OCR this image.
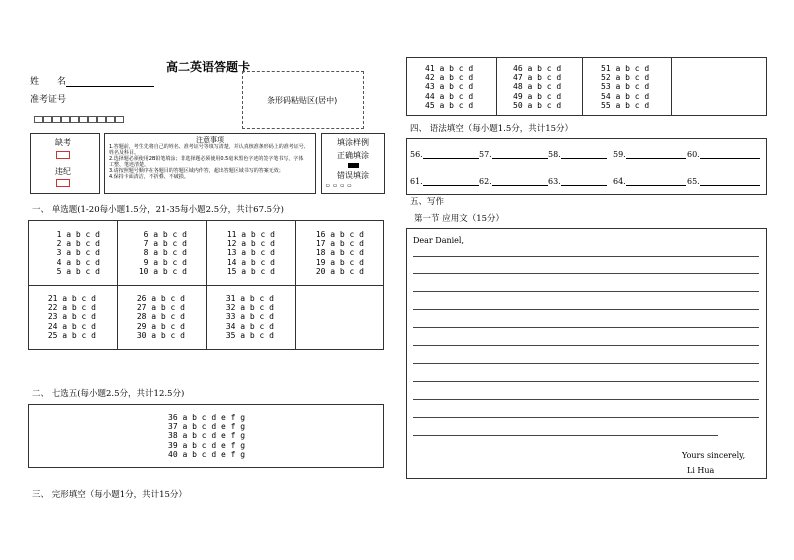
高二英语答题卡
姓　　名
准考证号	条形码粘贴区(居中)
缺考
违纪
注意事项

1.答题前，考生先将自己的姓名、准考证号等填写清楚，并认真核准条形码上的准考证号、

姓名及科目。

2.选择题必须使用2B铅笔填涂；非选择题必须使用0.5毫米黑色字迹的签字笔书写，字体

工整、笔迹清楚。

3.请按照题号顺序在各题目的答题区域内作答，超出答题区域书写的答案无效；

4.保持卡面清洁，不折叠、不破损。

填涂样例
正确填涂
错误填涂
▭ ▭ ▭ ▭
一、 单选题(1-20每小题1.5分，21-35每小题2.5分，共计67.5分)
1 a b c d
2 a b c d
3 a b c d
4 a b c d
5 a b c d
6 a b c d
7 a b c d
8 a b c d
9 a b c d
10 a b c d
11 a b c d
12 a b c d
13 a b c d
14 a b c d
15 a b c d
16 a b c d
17 a b c d
18 a b c d
19 a b c d
20 a b c d
21 a b c d
22 a b c d
23 a b c d
24 a b c d
25 a b c d
26 a b c d
27 a b c d
28 a b c d
29 a b c d
30 a b c d
31 a b c d
32 a b c d
33 a b c d
34 a b c d
35 a b c d
二、 七选五(每小题2.5分，共计12.5分)
36 a b c d e f g
37 a b c d e f g
38 a b c d e f g
39 a b c d e f g
40 a b c d e f g
三、 完形填空（每小题1分，共计15分）
41 a b c d
42 a b c d
43 a b c d
44 a b c d
45 a b c d
46 a b c d
47 a b c d
48 a b c d
49 a b c d
50 a b c d
51 a b c d
52 a b c d
53 a b c d
54 a b c d
55 a b c d
四、 语法填空（每小题1.5分，共计15分）
56.	57.	58.	59.	60.
61.	62.	63.	64.	65.
五、写作
第一节 应用文（15分）
Dear Daniel,
Yours sincerely,
Li Hua
